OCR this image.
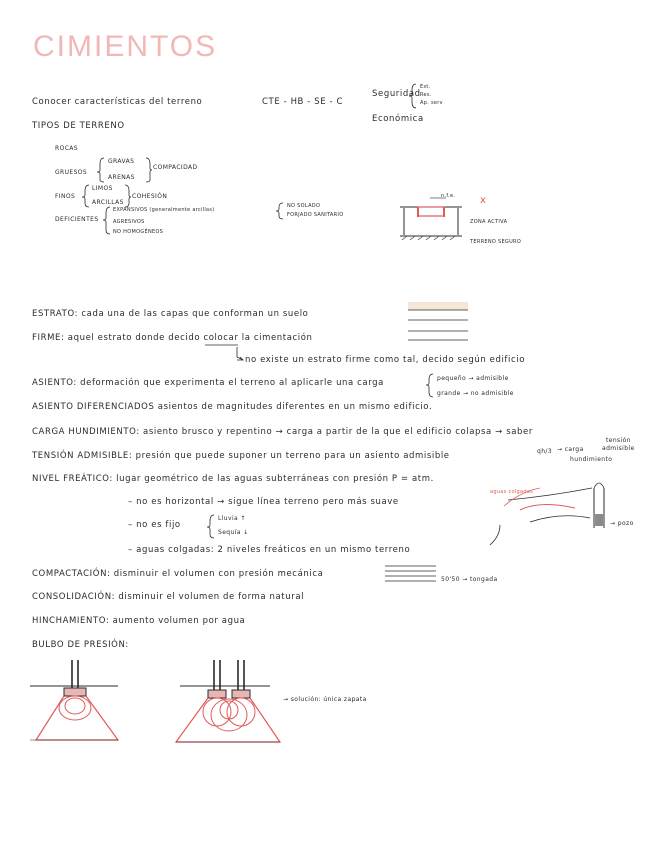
CIMIENTOS
Conocer características del terreno	CTE - HB - SE - C
Seguridad
Est.
Res.
Ap. serv
Económica
TIPOS DE TERRENO
ROCAS
GRUESOS
GRAVAS
ARENAS
COMPACIDAD
FINOS
LIMOS
ARCILLAS
COHESIÓN
DEFICIENTES
EXPANSIVOS (generalmente arcillas)
AGRESIVOS
NO HOMOGÉNEOS
NO SOLADO
FORJADO SANITARIO
n.f.e. x
ZONA ACTIVA
TERRENO SEGURO
ESTRATO: cada una de las capas que conforman un suelo
FIRME: aquel estrato donde decido colocar la cimentación
no existe un estrato firme como tal, decido según edificio
ASIENTO: deformación que experimenta el terreno al aplicarle una carga	pequeño → admisible
grande → no admisible
ASIENTO DIFERENCIADOS asientos de magnitudes diferentes en un mismo edificio.
CARGA HUNDIMIENTO: asiento brusco y repentino → carga a partir de la que el edificio colapsa → saber
tensión
admisible
TENSIÓN ADMISIBLE: presión que puede suponer un terreno para un asiento admisible	qh/3 → carga
hundimiento
NIVEL FREÁTICO: lugar geométrico de las aguas subterráneas con presión P = atm.
– no es horizontal → sigue línea terreno pero más suave
– no es fijo
Lluvia ↑
Sequía ↓
– aguas colgadas: 2 niveles freáticos en un mismo terreno
aguas colgadas
→ pozo
COMPACTACIÓN: disminuir el volumen con presión mecánica
50'50 → tongada
CONSOLIDACIÓN: disminuir el volumen de forma natural
HINCHAMIENTO: aumento volumen por agua
BULBO DE PRESIÓN:
→ solución: única zapata
